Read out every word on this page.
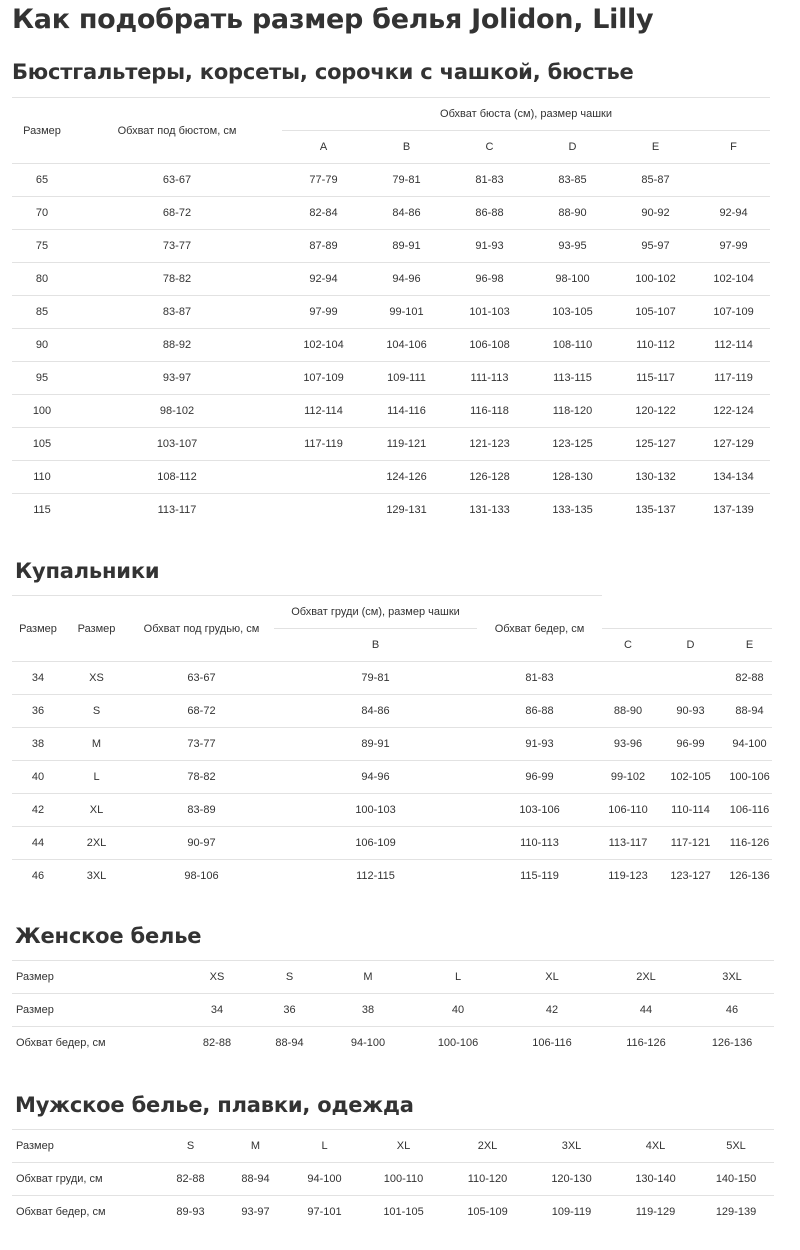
Как подобрать размер белья Jolidon, Lilly
Бюстгальтеры, корсеты, сорочки с чашкой, бюстье
Размер	Обхват под бюстом, см	Обхват бюста (см), размер чашки					
		A	B	C	D	E	F
65	63-67	77-79	79-81	81-83	83-85	85-87	
70	68-72	82-84	84-86	86-88	88-90	90-92	92-94
75	73-77	87-89	89-91	91-93	93-95	95-97	97-99
80	78-82	92-94	94-96	96-98	98-100	100-102	102-104
85	83-87	97-99	99-101	101-103	103-105	105-107	107-109
90	88-92	102-104	104-106	106-108	108-110	110-112	112-114
95	93-97	107-109	109-111	111-113	113-115	115-117	117-119
100	98-102	112-114	114-116	116-118	118-120	120-122	122-124
105	103-107	117-119	119-121	121-123	123-125	125-127	127-129
110	108-112		124-126	126-128	128-130	130-132	134-134
115	113-117		129-131	131-133	133-135	135-137	137-139
Купальники
Размер	Размер	Обхват под грудью, см	Обхват груди (см), размер чашки	Обхват бедер, см			
			B		C	D	E
34	XS	63-67	79-81	81-83			82-88
36	S	68-72	84-86	86-88	88-90	90-93	88-94
38	M	73-77	89-91	91-93	93-96	96-99	94-100
40	L	78-82	94-96	96-99	99-102	102-105	100-106
42	XL	83-89	100-103	103-106	106-110	110-114	106-116
44	2XL	90-97	106-109	110-113	113-117	117-121	116-126
46	3XL	98-106	112-115	115-119	119-123	123-127	126-136
Женское белье
Размер	XS	S	M	L	XL	2XL	3XL
Размер	34	36	38	40	42	44	46
Обхват бедер, см	82-88	88-94	94-100	100-106	106-116	116-126	126-136
Мужское белье, плавки, одежда
Размер	S	M	L	XL	2XL	3XL	4XL	5XL
Обхват груди, см	82-88	88-94	94-100	100-110	110-120	120-130	130-140	140-150
Обхват бедер, см	89-93	93-97	97-101	101-105	105-109	109-119	119-129	129-139
